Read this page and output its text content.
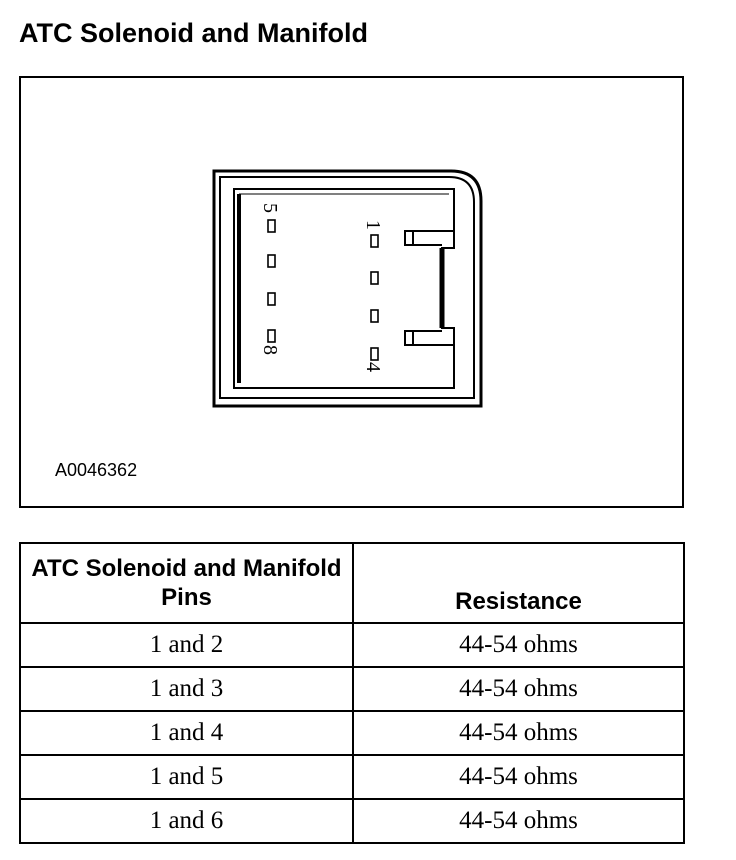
ATC Solenoid and Manifold
5
8
1
4
A0046362
ATC Solenoid and Manifold Pins	Resistance
1 and 2	44-54 ohms
1 and 3	44-54 ohms
1 and 4	44-54 ohms
1 and 5	44-54 ohms
1 and 6	44-54 ohms
